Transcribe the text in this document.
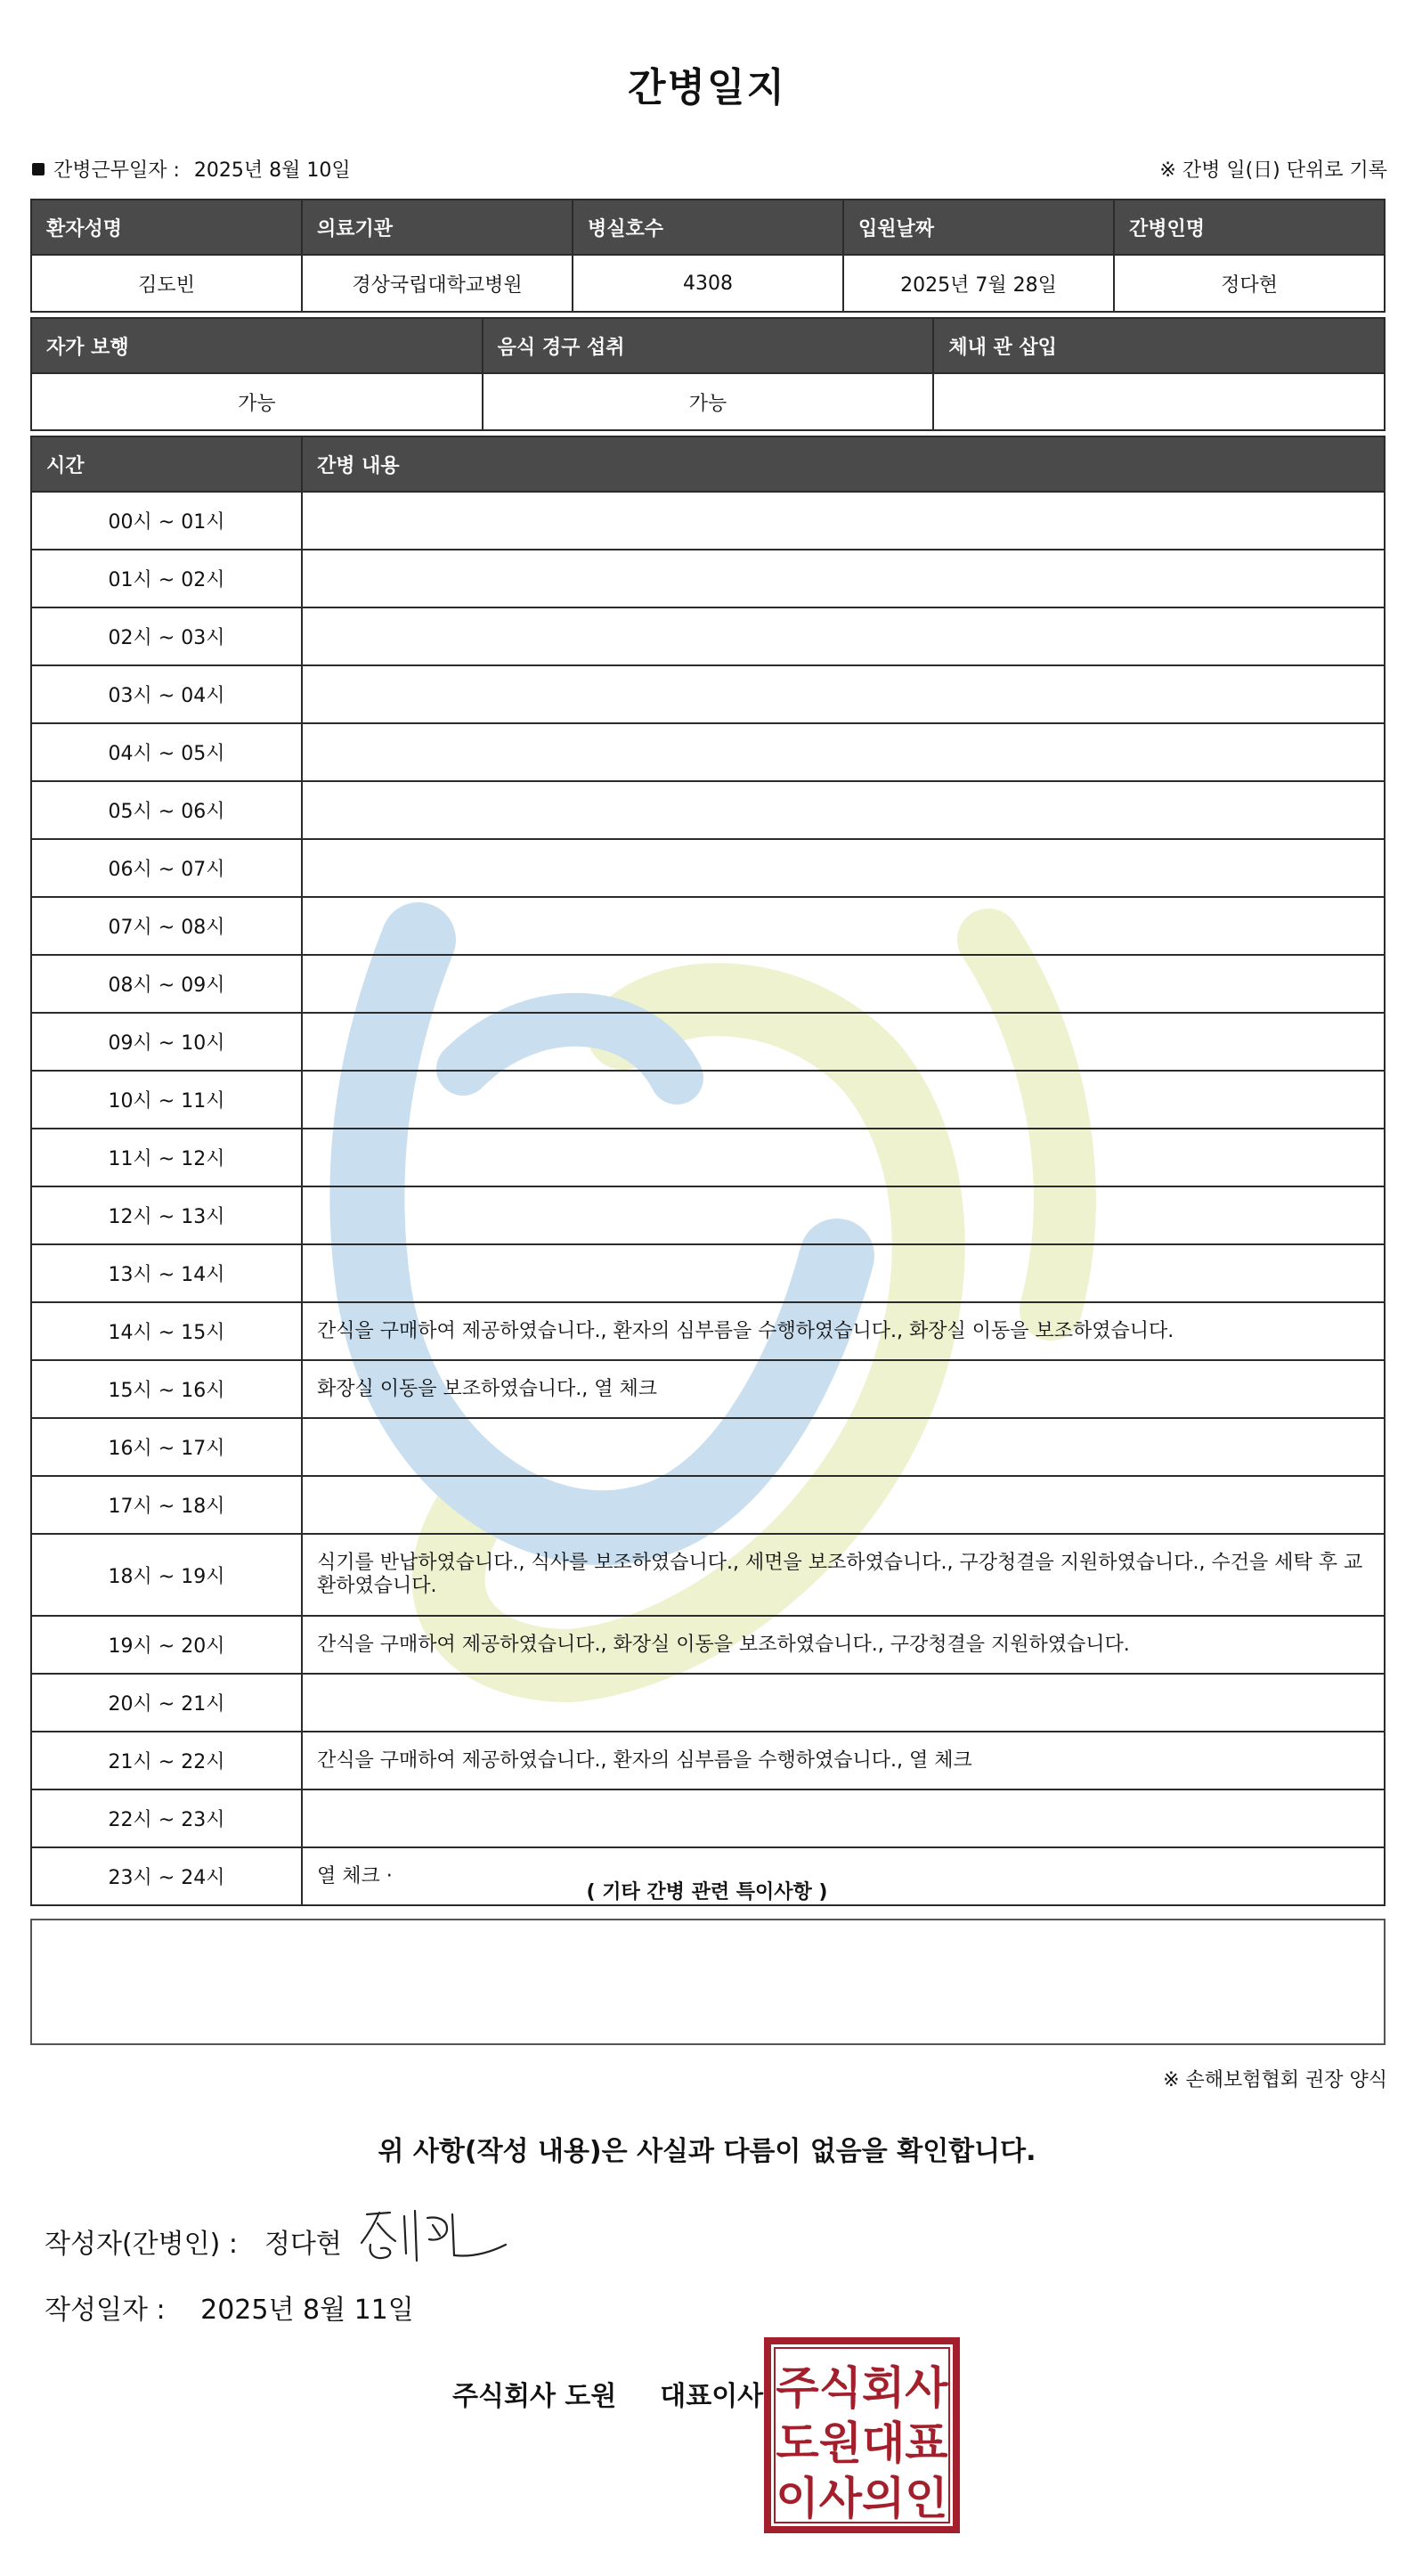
간병일지
간병근무일자 : 2025년 8월 10일	※ 간병 일(日) 단위로 기록
환자성명	의료기관	병실호수	입원날짜	간병인명
김도빈	경상국립대학교병원	4308	2025년 7월 28일	정다현
자가 보행	음식 경구 섭취	체내 관 삽입
가능	가능	
시간	간병 내용
00시 ~ 01시	
01시 ~ 02시	
02시 ~ 03시	
03시 ~ 04시	
04시 ~ 05시	
05시 ~ 06시	
06시 ~ 07시	
07시 ~ 08시	
08시 ~ 09시	
09시 ~ 10시	
10시 ~ 11시	
11시 ~ 12시	
12시 ~ 13시	
13시 ~ 14시	
14시 ~ 15시	간식을 구매하여 제공하였습니다., 환자의 심부름을 수행하였습니다., 화장실 이동을 보조하였습니다.
15시 ~ 16시	화장실 이동을 보조하였습니다., 열 체크
16시 ~ 17시	
17시 ~ 18시	
18시 ~ 19시	식기를 반납하였습니다., 식사를 보조하였습니다., 세면을 보조하였습니다., 구강청결을 지원하였습니다., 수건을 세탁 후 교환하였습니다.
19시 ~ 20시	간식을 구매하여 제공하였습니다., 화장실 이동을 보조하였습니다., 구강청결을 지원하였습니다.
20시 ~ 21시	
21시 ~ 22시	간식을 구매하여 제공하였습니다., 환자의 심부름을 수행하였습니다., 열 체크
22시 ~ 23시	
23시 ~ 24시	열 체크 ·
( 기타 간병 관련 특이사항 )
※ 손해보험협회 권장 양식
위 사항(작성 내용)은 사실과 다름이 없음을 확인합니다.
작성자(간병인) : 정다현
작성일자 : 2025년 8월 11일
주식회사 도원 대표이사 주식회사
도원대표
이사의인
